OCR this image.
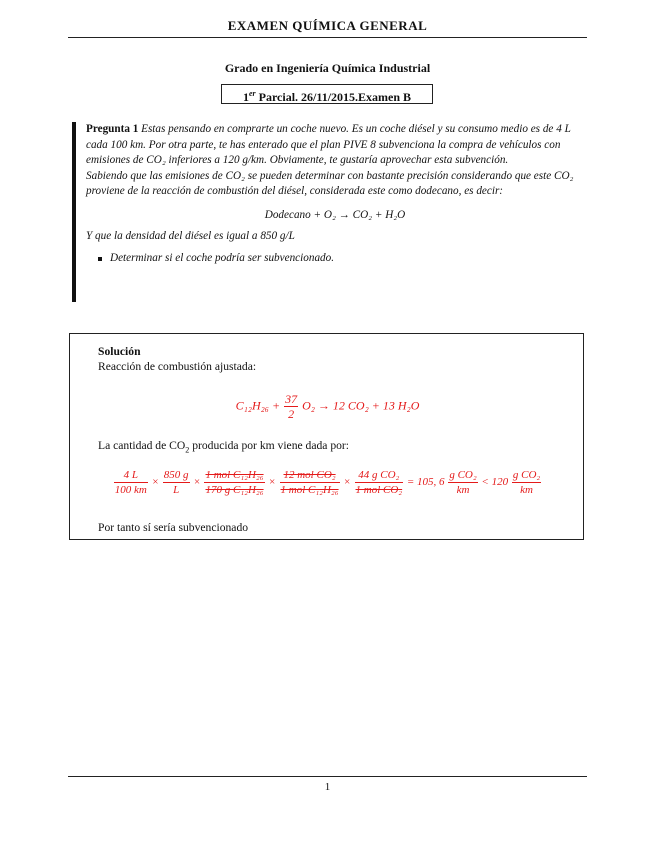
EXAMEN QUÍMICA GENERAL
Grado en Ingeniería Química Industrial
1er Parcial. 26/11/2015.Examen B

Pregunta 1 Estas pensando en comprarte un coche nuevo. Es un coche diésel y su consumo medio es de 4 L cada 100 km. Por otra parte, te has enterado que el plan PIVE 8 subvenciona la compra de vehículos con emisiones de CO₂ inferiores a 120 g/km. Obviamente, te gustaría aprovechar esta subvención.

Sabiendo que las emisiones de CO₂ se pueden determinar con bastante precisión considerando que este CO₂ proviene de la reacción de combustión del diésel, considerada este como dodecano, es decir:

Dodecano + O₂ → CO₂ + H₂O

Y que la densidad del diésel es igual a 850 g/L

Determinar si el coche podría ser subvencionado.

Solución

Reacción de combustión ajustada:

$C_{12}H_{26} + \frac{37}{2} O_2 \to 12$ CO₂ + 13 H₂O

La cantidad de $CO_2$ producida por km viene dada por:

$\frac{4 L}{100 km} \times \frac{850 g}{L} \times \frac{\text{1 mol C₁₂H₂₆}}{\text{170 g C₁₂H₂₆}} \times \frac{\text{12 mol CO₂}}{\text{1 mol C₁₂H₂₆}} \times \frac{\text{44 g CO₂}}{\text{1 mol CO₂}} = 105$, $6 \frac{\text{g CO₂}}{km} < 120 \frac{\text{g CO₂}}{km}$

Por tanto sí sería subvencionado

1
